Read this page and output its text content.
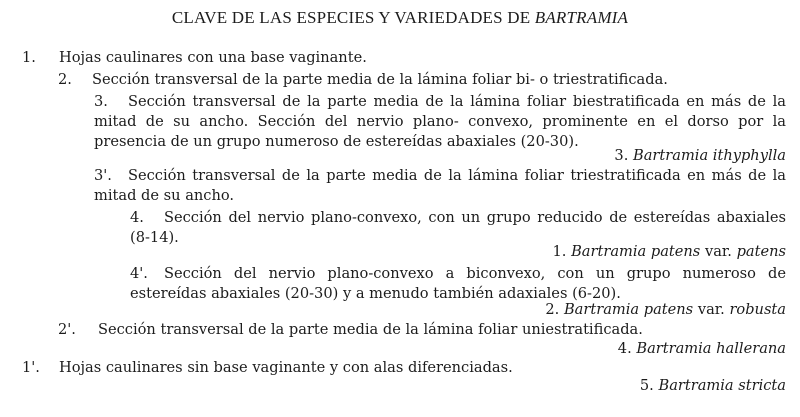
CLAVE DE LAS ESPECIES Y VARIEDADES DE BARTRAMIA
1. Hojas caulinares con una base vaginante.
2. Sección transversal de la parte media de la lámina foliar bi- o triestratificada.
3.	Sección transversal de la parte media de la lámina foliar biestratificada en más de la mitad de su ancho. Sección del nervio plano- convexo, prominente en el dorso por la presencia de un grupo numeroso de estereídas abaxiales (20-30).
3. Bartramia ithyphylla
3'.	Sección transversal de la parte media de la lámina foliar triestratificada en más de la mitad de su ancho.
4.	Sección del nervio plano-convexo, con un grupo reducido de estereídas abaxiales (8-14).
1. Bartramia patens var. patens
4'.	Sección del nervio plano-convexo a biconvexo, con un grupo numeroso de estereídas abaxiales (20-30) y a menudo también adaxiales (6-20).
2. Bartramia patens var. robusta
2'. Sección transversal de la parte media de la lámina foliar uniestratificada.
4. Bartramia hallerana
1'. Hojas caulinares sin base vaginante y con alas diferenciadas.
5. Bartramia stricta
